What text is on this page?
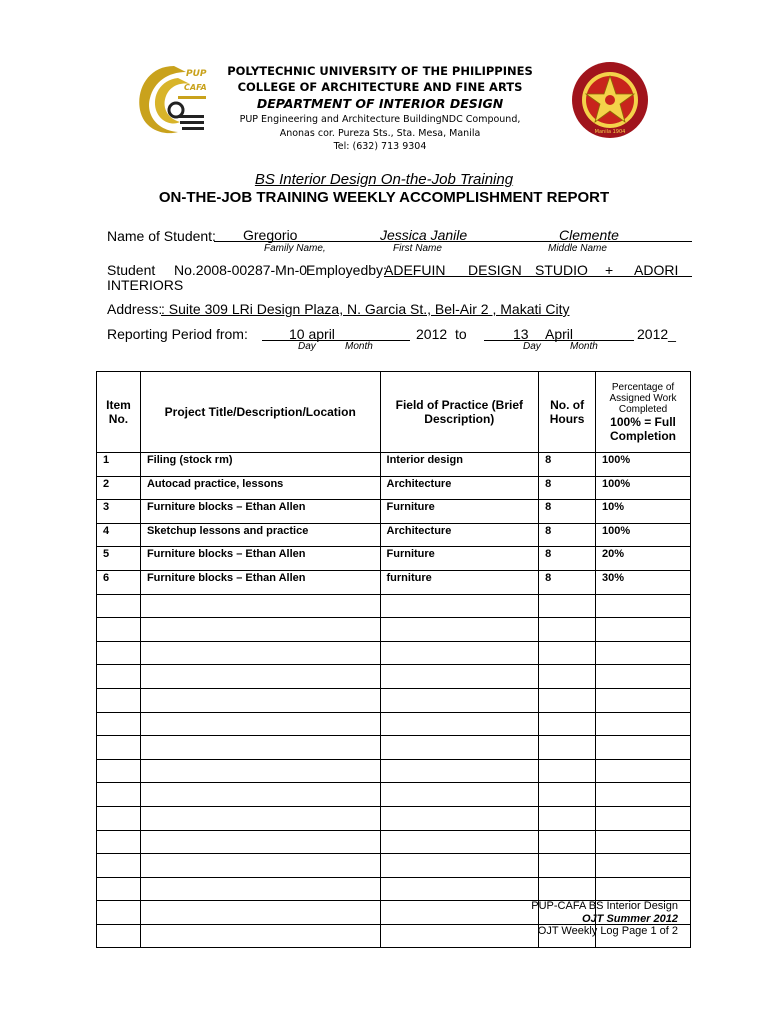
PUP
CAFA
Manila 1904
POLYTECHNIC UNIVERSITY OF THE PHILIPPINES
COLLEGE OF ARCHITECTURE AND FINE ARTS
DEPARTMENT OF INTERIOR DESIGN
PUP Engineering and Architecture BuildingNDC Compound,
Anonas cor. Pureza Sts., Sta. Mesa, Manila
Tel: (632) 713 9304
BS Interior Design On-the-Job Training
ON-THE-JOB TRAINING WEEKLY ACCOMPLISHMENT REPORT
Name of Student: Gregorio	Jessica Janile	Clemente
Family Name,	First Name	Middle Name
Student No.2008-00287-Mn-0
Employedby:
ADEFUIN DESIGN STUDIO + ADORI
INTERIORS
Address:
: Suite 309 LRi Design Plaza, N. Garcia St., Bel-Air 2 , Makati City
Reporting Period from:	10 april	2012 to	13 April	2012_
Day	Month	Day	Month
Item No.	Project Title/Description/Location	Field of Practice (Brief Description)	No. of Hours	Percentage of Assigned Work Completed
100% = Full Completion

1	Filing (stock rm)	Interior design	8	100%
2	Autocad practice, lessons	Architecture	8	100%
3	Furniture blocks – Ethan Allen	Furniture	8	10%
4	Sketchup lessons and practice	Architecture	8	100%
5	Furniture blocks – Ethan Allen	Furniture	8	20%
6	Furniture blocks – Ethan Allen	furniture	8	30%

PUP-CAFA BS Interior Design
OJT Summer 2012
OJT Weekly Log Page 1 of 2
